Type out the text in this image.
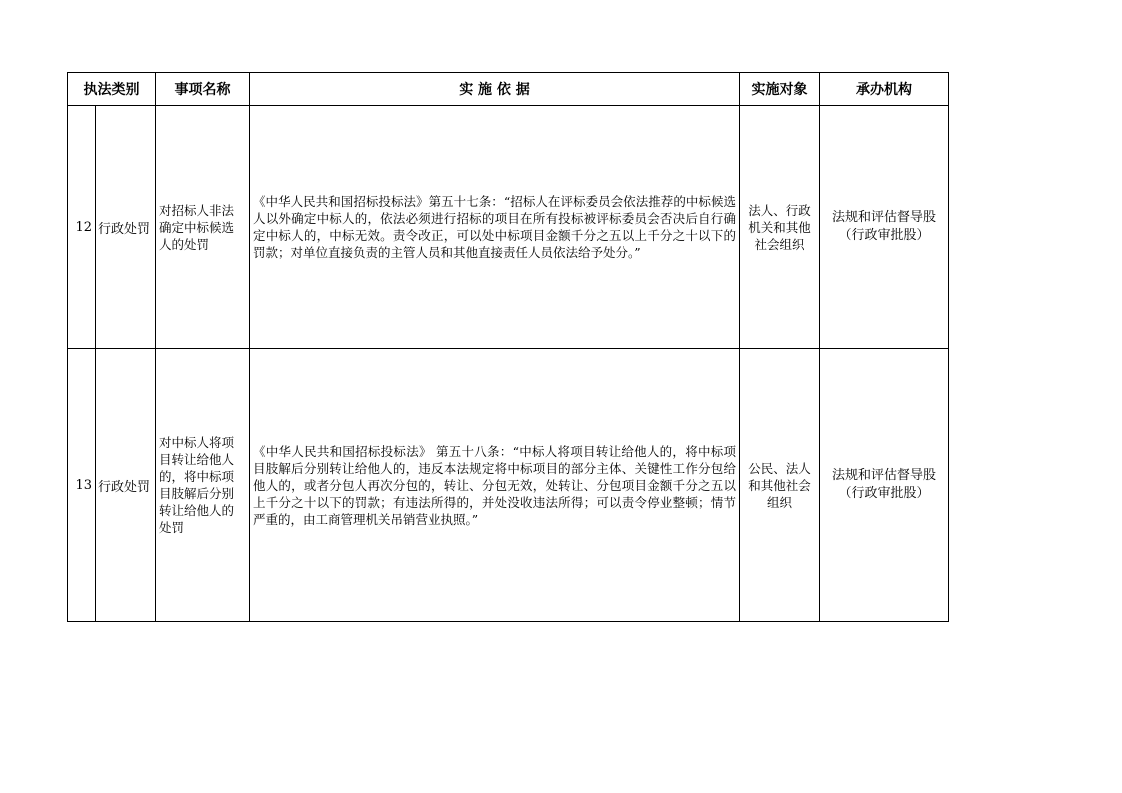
执法类别		事项名称	实 施 依 据	实施对象	承办机构
12	行政处罚	对招标人非法确定中标候选人的处罚	《中华人民共和国招标投标法》第五十七条：“招标人在评标委员会依法推荐的中标候选人以外确定中标人的，依法必须进行招标的项目在所有投标被评标委员会否决后自行确定中标人的，中标无效。责令改正，可以处中标项目金额千分之五以上千分之十以下的罚款；对单位直接负责的主管人员和其他直接责任人员依法给予处分。”	法人、行政机关和其他社会组织	法规和评估督导股
（行政审批股）

13	行政处罚	对中标人将项目转让给他人的，将中标项目肢解后分别转让给他人的处罚	《中华人民共和国招标投标法》 第五十八条：“中标人将项目转让给他人的，将中标项目肢解后分别转让给他人的，违反本法规定将中标项目的部分主体、关键性工作分包给他人的，或者分包人再次分包的，转让、分包无效，处转让、分包项目金额千分之五以上千分之十以下的罚款；有违法所得的，并处没收违法所得；可以责令停业整顿；情节严重的，由工商管理机关吊销营业执照。”	公民、法人和其他社会组织	法规和评估督导股
（行政审批股）
